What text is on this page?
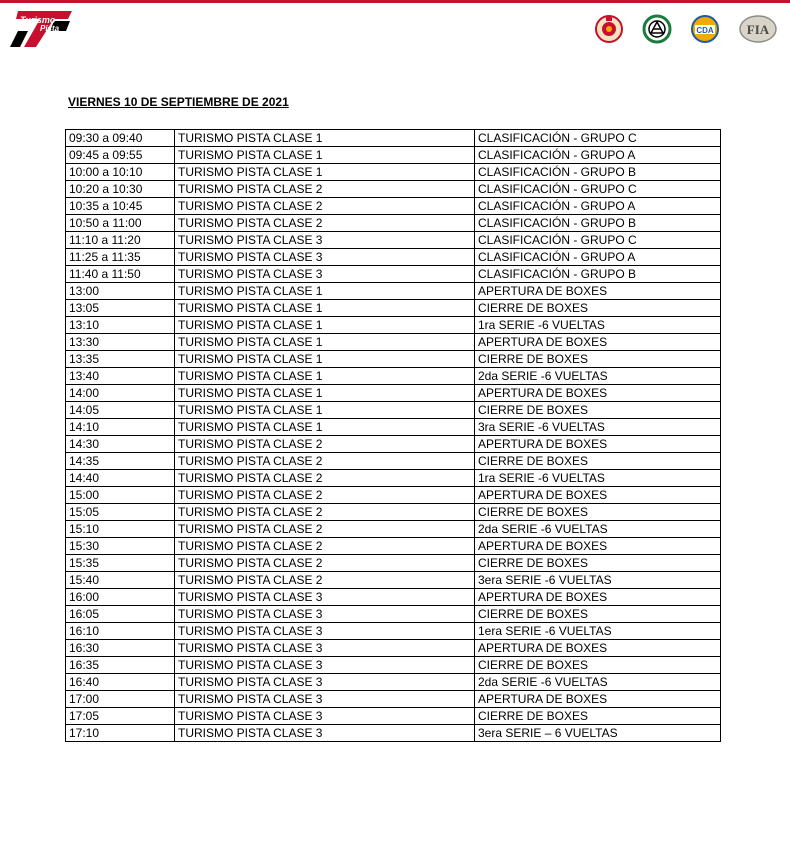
Turismo
Pista	CDA	FIA
VIERNES 10 DE SEPTIEMBRE DE 2021
09:30 a 09:40	TURISMO PISTA CLASE 1	CLASIFICACIÓN - GRUPO C
09:45 a 09:55	TURISMO PISTA CLASE 1	CLASIFICACIÓN - GRUPO A
10:00 a 10:10	TURISMO PISTA CLASE 1	CLASIFICACIÓN - GRUPO B
10:20 a 10:30	TURISMO PISTA CLASE 2	CLASIFICACIÓN - GRUPO C
10:35 a 10:45	TURISMO PISTA CLASE 2	CLASIFICACIÓN - GRUPO A
10:50 a 11:00	TURISMO PISTA CLASE 2	CLASIFICACIÓN - GRUPO B
11:10 a 11:20	TURISMO PISTA CLASE 3	CLASIFICACIÓN - GRUPO C
11:25 a 11:35	TURISMO PISTA CLASE 3	CLASIFICACIÓN - GRUPO A
11:40 a 11:50	TURISMO PISTA CLASE 3	CLASIFICACIÓN - GRUPO B
13:00	TURISMO PISTA CLASE 1	APERTURA DE BOXES
13:05	TURISMO PISTA CLASE 1	CIERRE DE BOXES
13:10	TURISMO PISTA CLASE 1	1ra SERIE -6 VUELTAS
13:30	TURISMO PISTA CLASE 1	APERTURA DE BOXES
13:35	TURISMO PISTA CLASE 1	CIERRE DE BOXES
13:40	TURISMO PISTA CLASE 1	2da SERIE -6 VUELTAS
14:00	TURISMO PISTA CLASE 1	APERTURA DE BOXES
14:05	TURISMO PISTA CLASE 1	CIERRE DE BOXES
14:10	TURISMO PISTA CLASE 1	3ra SERIE -6 VUELTAS
14:30	TURISMO PISTA CLASE 2	APERTURA DE BOXES
14:35	TURISMO PISTA CLASE 2	CIERRE DE BOXES
14:40	TURISMO PISTA CLASE 2	1ra SERIE -6 VUELTAS
15:00	TURISMO PISTA CLASE 2	APERTURA DE BOXES
15:05	TURISMO PISTA CLASE 2	CIERRE DE BOXES
15:10	TURISMO PISTA CLASE 2	2da SERIE -6 VUELTAS
15:30	TURISMO PISTA CLASE 2	APERTURA DE BOXES
15:35	TURISMO PISTA CLASE 2	CIERRE DE BOXES
15:40	TURISMO PISTA CLASE 2	3era SERIE -6 VUELTAS
16:00	TURISMO PISTA CLASE 3	APERTURA DE BOXES
16:05	TURISMO PISTA CLASE 3	CIERRE DE BOXES
16:10	TURISMO PISTA CLASE 3	1era SERIE -6 VUELTAS
16:30	TURISMO PISTA CLASE 3	APERTURA DE BOXES
16:35	TURISMO PISTA CLASE 3	CIERRE DE BOXES
16:40	TURISMO PISTA CLASE 3	2da SERIE -6 VUELTAS
17:00	TURISMO PISTA CLASE 3	APERTURA DE BOXES
17:05	TURISMO PISTA CLASE 3	CIERRE DE BOXES
17:10	TURISMO PISTA CLASE 3	3era SERIE – 6 VUELTAS
